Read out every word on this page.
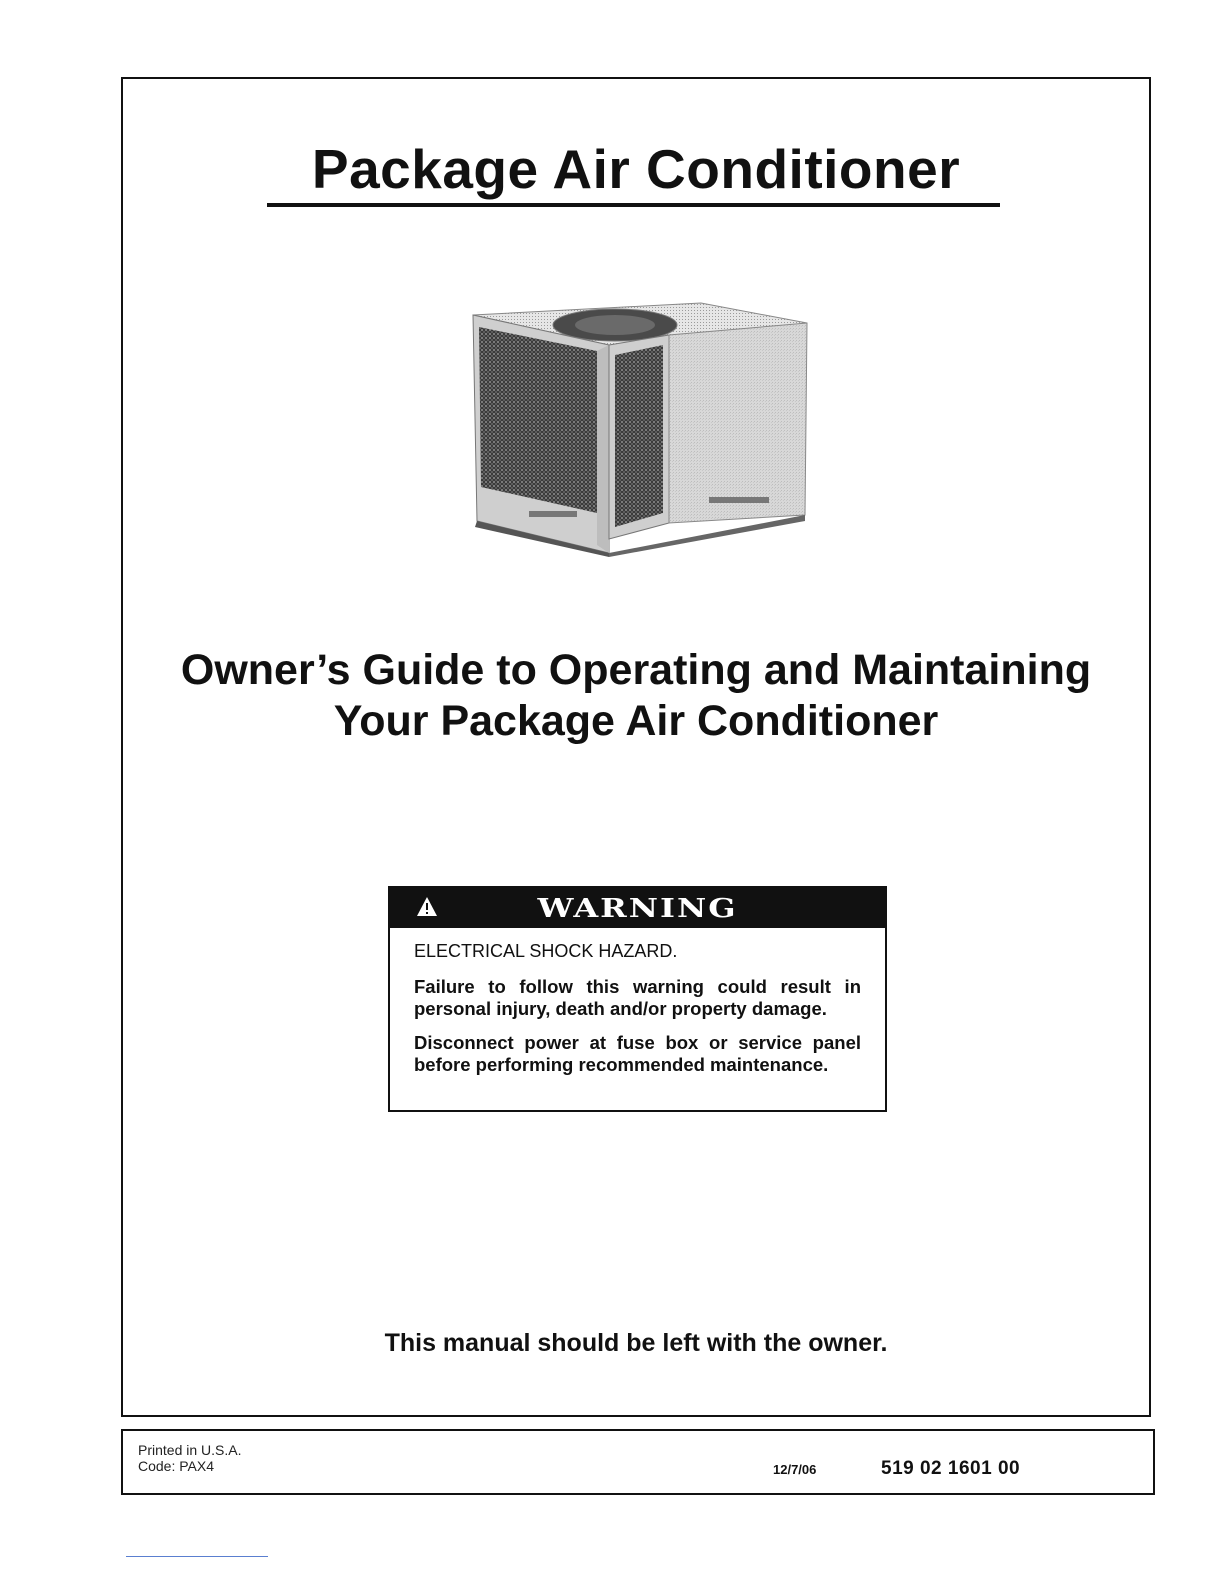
Package Air Conditioner
Owner’s Guide to Operating and Maintaining
Your Package Air Conditioner
WARNING

ELECTRICAL SHOCK HAZARD.

Failure to follow this warning could result in personal injury, death and/or property damage.

Disconnect power at fuse box or service panel before performing recommended maintenance.

This manual should be left with the owner.
Printed in U.S.A.
Code: PAX4	12/7/06	519 02 1601 00
